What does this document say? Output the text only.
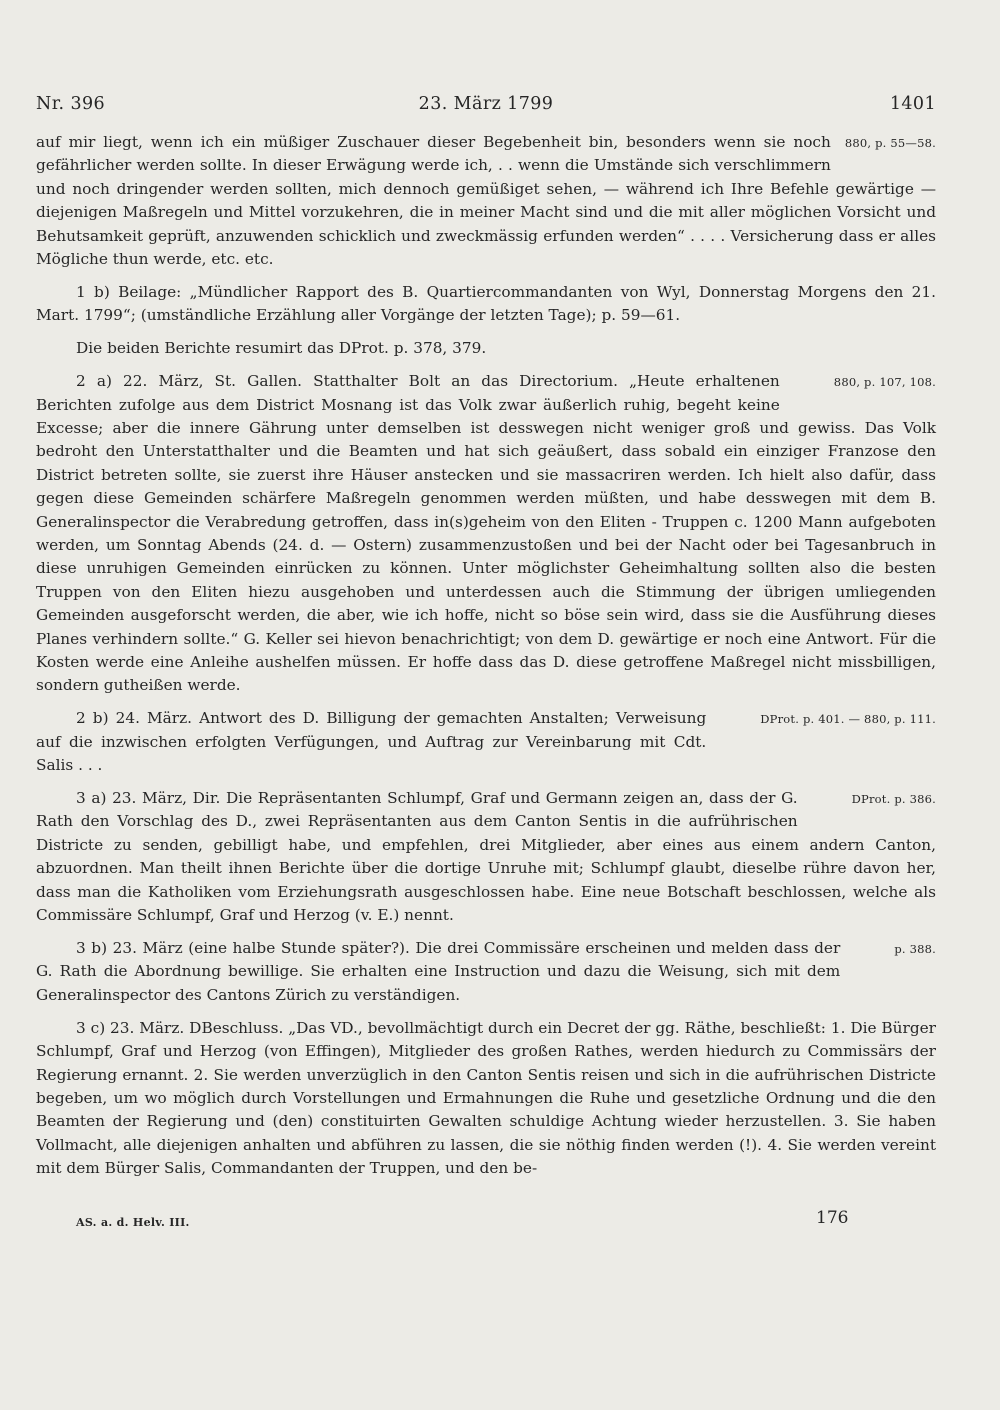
Nr. 396	23. März 1799	1401

880, p. 55—58.
auf mir liegt, wenn ich ein müßiger Zuschauer dieser Begebenheit bin, besonders wenn sie noch gefährlicher werden sollte. In dieser Erwägung werde ich, . . wenn die Umstände sich verschlimmern und noch dringender werden sollten, mich dennoch gemüßiget sehen, — während ich Ihre Befehle gewärtige — diejenigen Maßregeln und Mittel vorzukehren, die in meiner Macht sind und die mit aller möglichen Vorsicht und Behutsamkeit geprüft, anzuwenden schicklich und zweckmässig erfunden werden“ . . . . Versicherung dass er alles Mögliche thun werde, etc. etc.

1 b) Beilage: „Mündlicher Rapport des B. Quartiercommandanten von Wyl, Donnerstag Morgens den 21. Mart. 1799“; (umständliche Erzählung aller Vorgänge der letzten Tage); p. 59—61.

Die beiden Berichte resumirt das DProt. p. 378, 379.

880, p. 107, 108.
2 a) 22. März, St. Gallen. Statthalter Bolt an das Directorium. „Heute erhaltenen Berichten zufolge aus dem District Mosnang ist das Volk zwar äußerlich ruhig, begeht keine Excesse; aber die innere Gährung unter demselben ist desswegen nicht weniger groß und gewiss. Das Volk bedroht den Unterstatthalter und die Beamten und hat sich geäußert, dass sobald ein einziger Franzose den District betreten sollte, sie zuerst ihre Häuser anstecken und sie massacriren werden. Ich hielt also dafür, dass gegen diese Gemeinden schärfere Maßregeln genommen werden müßten, und habe desswegen mit dem B. Generalinspector die Verabredung getroffen, dass in(s)geheim von den Eliten - Truppen c. 1200 Mann aufgeboten werden, um Sonntag Abends (24. d. — Ostern) zusammenzustoßen und bei der Nacht oder bei Tagesanbruch in diese unruhigen Gemeinden einrücken zu können. Unter möglichster Geheimhaltung sollten also die besten Truppen von den Eliten hiezu ausgehoben und unterdessen auch die Stimmung der übrigen umliegenden Gemeinden ausgeforscht werden, die aber, wie ich hoffe, nicht so böse sein wird, dass sie die Ausführung dieses Planes verhindern sollte.“ G. Keller sei hievon benachrichtigt; von dem D. gewärtige er noch eine Antwort. Für die Kosten werde eine Anleihe aushelfen müssen. Er hoffe dass das D. diese getroffene Maßregel nicht missbilligen, sondern gutheißen werde.

DProt. p. 401. — 880, p. 111.
2 b) 24. März. Antwort des D. Billigung der gemachten Anstalten; Verweisung auf die inzwischen erfolgten Verfügungen, und Auftrag zur Vereinbarung mit Cdt. Salis . . .

DProt. p. 386.
3 a) 23. März, Dir. Die Repräsentanten Schlumpf, Graf und Germann zeigen an, dass der G. Rath den Vorschlag des D., zwei Repräsentanten aus dem Canton Sentis in die aufrührischen Districte zu senden, gebilligt habe, und empfehlen, drei Mitglieder, aber eines aus einem andern Canton, abzuordnen. Man theilt ihnen Berichte über die dortige Unruhe mit; Schlumpf glaubt, dieselbe rühre davon her, dass man die Katholiken vom Erziehungsrath ausgeschlossen habe. Eine neue Botschaft beschlossen, welche als Commissäre Schlumpf, Graf und Herzog (v. E.) nennt.

p. 388.
3 b) 23. März (eine halbe Stunde später?). Die drei Commissäre erscheinen und melden dass der G. Rath die Abordnung bewillige. Sie erhalten eine Instruction und dazu die Weisung, sich mit dem Generalinspector des Cantons Zürich zu verständigen.

3 c) 23. März. DBeschluss. „Das VD., bevollmächtigt durch ein Decret der gg. Räthe, beschließt: 1. Die Bürger Schlumpf, Graf und Herzog (von Effingen), Mitglieder des großen Rathes, werden hiedurch zu Commissärs der Regierung ernannt. 2. Sie werden unverzüglich in den Canton Sentis reisen und sich in die aufrührischen Districte begeben, um wo möglich durch Vorstellungen und Ermahnungen die Ruhe und gesetzliche Ordnung und die den Beamten der Regierung und (den) constituirten Gewalten schuldige Achtung wieder herzustellen. 3. Sie haben Vollmacht, alle diejenigen anhalten und abführen zu lassen, die sie nöthig finden werden (!). 4. Sie werden vereint mit dem Bürger Salis, Commandanten der Truppen, und den be-

AS. a. d. Helv. III.	176
